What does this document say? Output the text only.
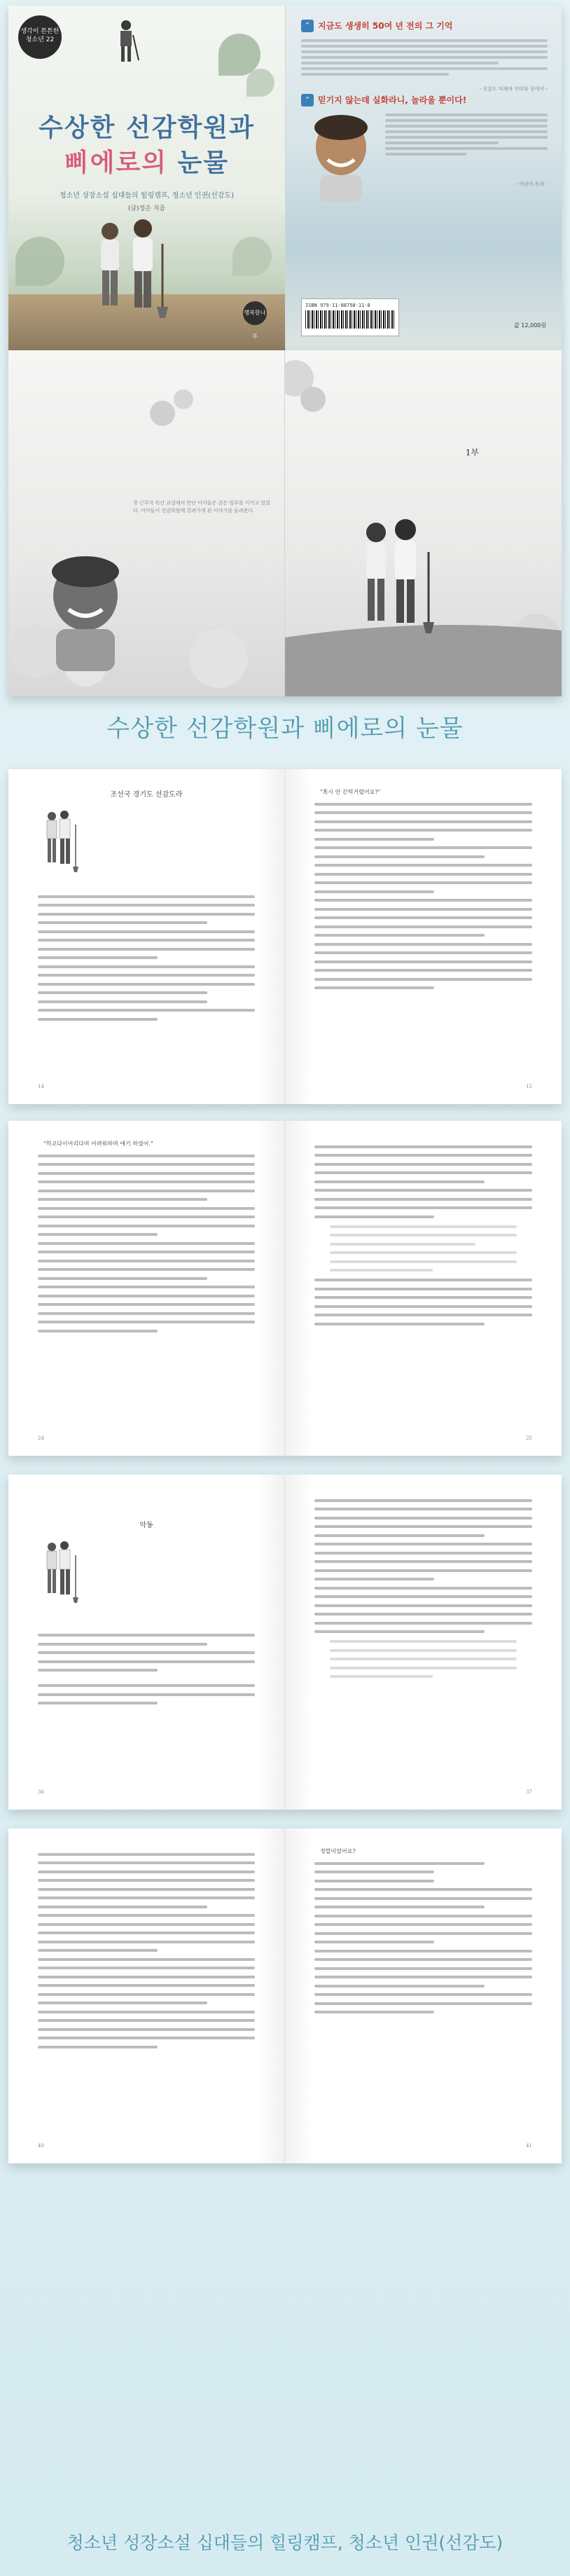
생각이 튼튼한 청소년 22
수상한 선감학원과
삐에로의 눈물
청소년 성장소설 십대들의 힐링캠프, 청소년 인권(선감도)
(글)정은 지음
행복한나무
“ 지금도 생생히 50여 년 전의 그 기억
- 선감도 피해자 인터뷰 중에서 -
“ 믿기지 않는데 실화라니, 놀라울 뿐이다!
- 어린이 독자 -
ISBN 979-11-88758-11-8
값 12,000원
첫 근무지 독산 교실에서 만난 아이들은 같은 일부를 지키고 있었다. 아이들이 선감학원에 끌려가게 된 이야기를 들려준다.
1부
수상한 선감학원과 삐에로의 눈물
조선국 경기도 선감도라
14
"혹시 안 끈떡거렸어요?"
15
"학교다이어리다며 어려워하며 얘기 하였어."
24	25
악동
36	37
40
정말이었어요?
41
청소년 성장소설 십대들의 힐링캠프, 청소년 인권(선감도)
